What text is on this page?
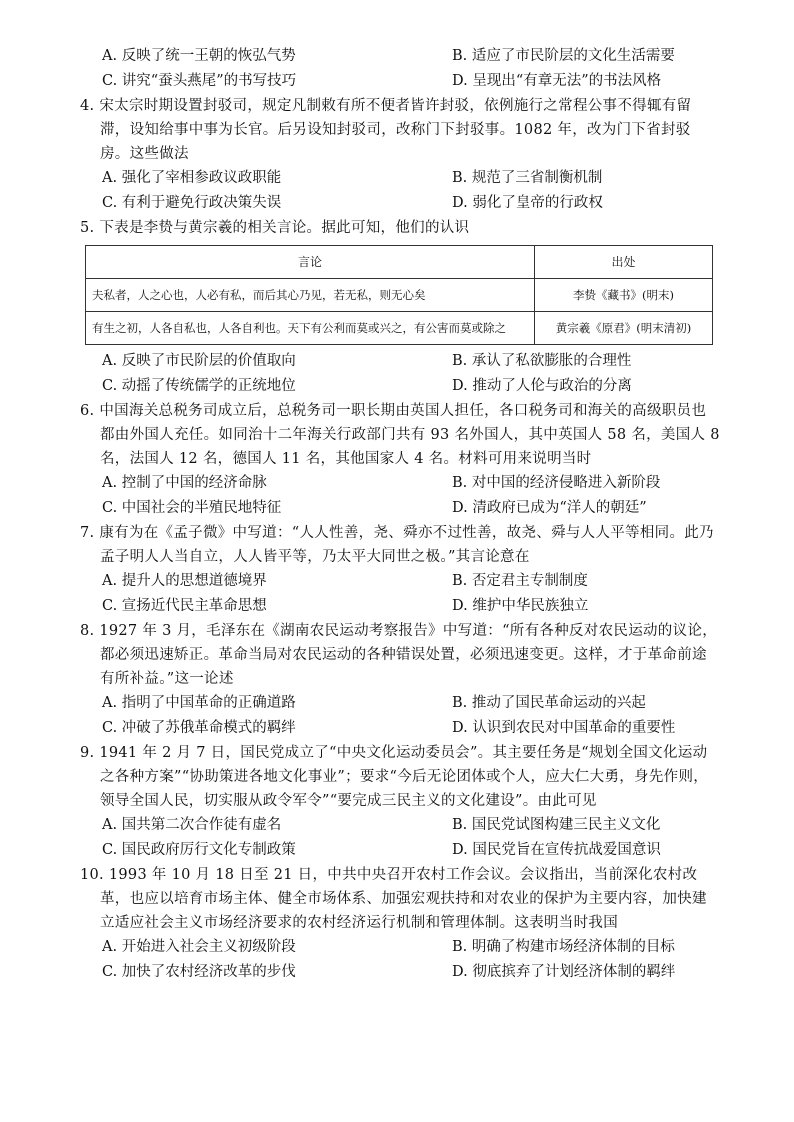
A. 反映了统一王朝的恢弘气势	B. 适应了市民阶层的文化生活需要
C. 讲究“蚕头燕尾”的书写技巧	D. 呈现出“有章无法”的书法风格
4. 宋太宗时期设置封驳司，规定凡制敕有所不便者皆许封驳，依例施行之常程公事不得辄有留滞，设知给事中事为长官。后另设知封驳司，改称门下封驳事。1082 年，改为门下省封驳房。这些做法
A. 强化了宰相参政议政职能	B. 规范了三省制衡机制
C. 有利于避免行政决策失误	D. 弱化了皇帝的行政权
5. 下表是李贽与黄宗羲的相关言论。据此可知，他们的认识
言论	出处
夫私者，人之心也，人必有私，而后其心乃见，若无私，则无心矣	李贽《藏书》(明末)
有生之初，人各自私也，人各自利也。天下有公利而莫或兴之，有公害而莫或除之	黄宗羲《原君》(明末清初)
A. 反映了市民阶层的价值取向	B. 承认了私欲膨胀的合理性
C. 动摇了传统儒学的正统地位	D. 推动了人伦与政治的分离
6. 中国海关总税务司成立后，总税务司一职长期由英国人担任，各口税务司和海关的高级职员也都由外国人充任。如同治十二年海关行政部门共有 93 名外国人，其中英国人 58 名，美国人 8 名，法国人 12 名，德国人 11 名，其他国家人 4 名。材料可用来说明当时
A. 控制了中国的经济命脉	B. 对中国的经济侵略进入新阶段
C. 中国社会的半殖民地特征	D. 清政府已成为“洋人的朝廷”
7. 康有为在《孟子微》中写道：“人人性善，尧、舜亦不过性善，故尧、舜与人人平等相同。此乃孟子明人人当自立，人人皆平等，乃太平大同世之极。”其言论意在
A. 提升人的思想道德境界	B. 否定君主专制制度
C. 宣扬近代民主革命思想	D. 维护中华民族独立
8. 1927 年 3 月，毛泽东在《湖南农民运动考察报告》中写道：“所有各种反对农民运动的议论，都必须迅速矫正。革命当局对农民运动的各种错误处置，必须迅速变更。这样，才于革命前途有所补益。”这一论述
A. 指明了中国革命的正确道路	B. 推动了国民革命运动的兴起
C. 冲破了苏俄革命模式的羁绊	D. 认识到农民对中国革命的重要性
9. 1941 年 2 月 7 日，国民党成立了“中央文化运动委员会”。其主要任务是“规划全国文化运动之各种方案”“协助策进各地文化事业”；要求“今后无论团体或个人，应大仁大勇，身先作则，领导全国人民，切实服从政令军令”“要完成三民主义的文化建设”。由此可见
A. 国共第二次合作徒有虚名	B. 国民党试图构建三民主义文化
C. 国民政府厉行文化专制政策	D. 国民党旨在宣传抗战爱国意识
10. 1993 年 10 月 18 日至 21 日，中共中央召开农村工作会议。会议指出，当前深化农村改革，也应以培育市场主体、健全市场体系、加强宏观扶持和对农业的保护为主要内容，加快建立适应社会主义市场经济要求的农村经济运行机制和管理体制。这表明当时我国
A. 开始进入社会主义初级阶段	B. 明确了构建市场经济体制的目标
C. 加快了农村经济改革的步伐	D. 彻底摈弃了计划经济体制的羁绊
